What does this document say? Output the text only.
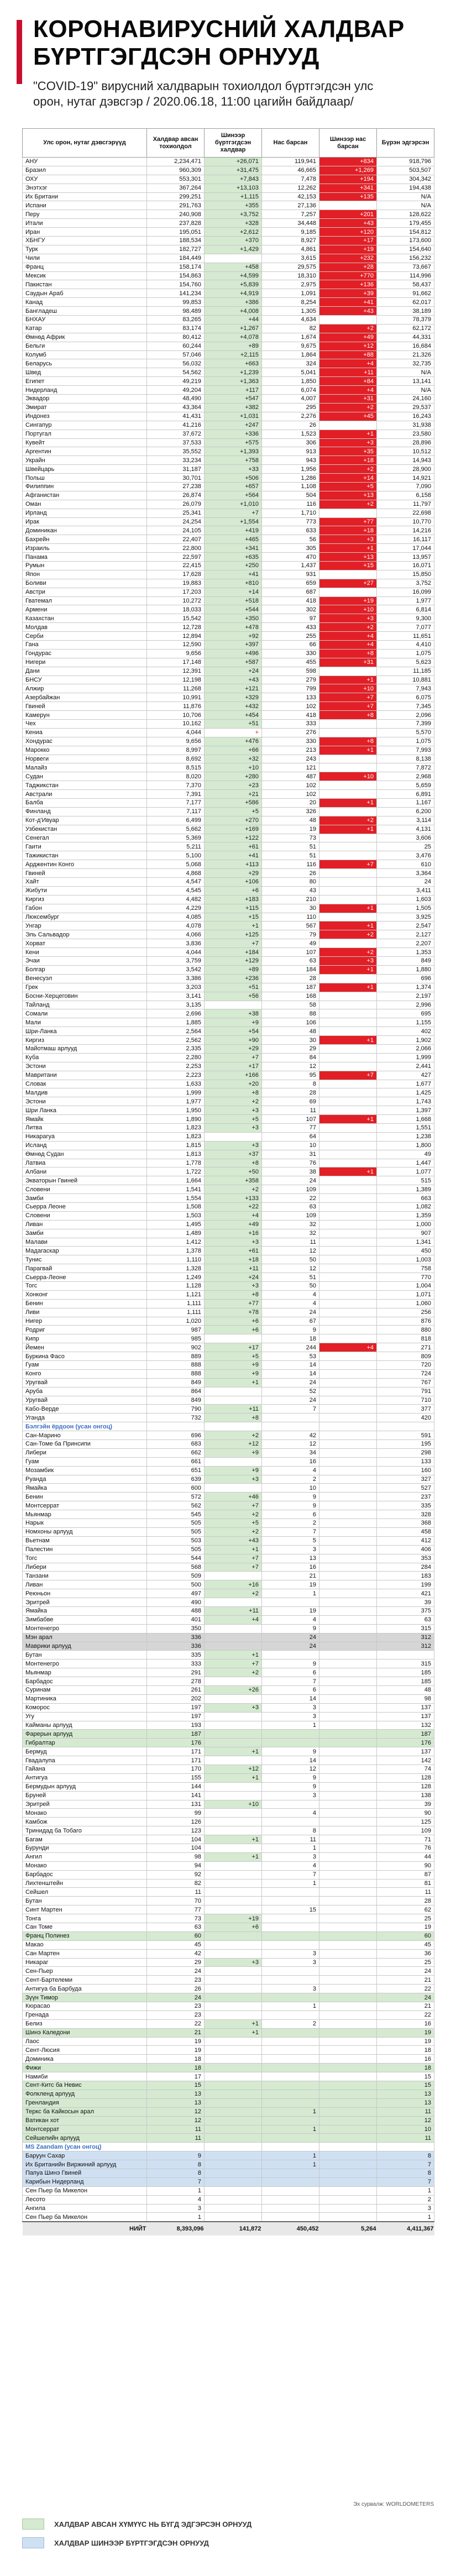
КОРОНАВИРУСНИЙ ХАЛДВАР
БҮРТГЭГДСЭН ОРНУУД
"COVID-19" вирусний халдварын тохиолдол бүртгэгдсэн улс
орон, нутаг дэвсгэр / 2020.06.18, 11:00 цагийн байдлаар/
Улс орон, нутаг дэвсгэрүүд	Халдвар авсан тохиолдол	Шинээр бүртгэгдсэн халдвар	Нас барсан	Шинээр нас барсан	Бүрэн эдгэрсэн
АНУ	2,234,471	+26,071	119,941	+834	918,796
Бразил	960,309	+31,475	46,665	+1,269	503,507
ОХУ	553,301	+7,843	7,478	+194	304,342
Энэтхэг	367,264	+13,103	12,262	+341	194,438
Их Британи	299,251	+1,115	42,153	+135	N/A
Испани	291,763	+355	27,136		N/A
Перу	240,908	+3,752	7,257	+201	128,622
Итали	237,828	+328	34,448	+43	179,455
Иран	195,051	+2,612	9,185	+120	154,812
ХБНГУ	188,534	+370	8,927	+17	173,600
Турк	182,727	+1,429	4,861	+19	154,640
Чили	184,449		3,615	+232	156,232
Франц	158,174	+458	29,575	+28	73,667
Мексик	154,863	+4,599	18,310	+770	114,996
Пакистан	154,760	+5,839	2,975	+136	58,437
Саудын Араб	141,234	+4,919	1,091	+39	91,662
Канад	99,853	+386	8,254	+41	62,017
Бангладеш	98,489	+4,008	1,305	+43	38,189
БНХАУ	83,265	+44	4,634		78,379
Катар	83,174	+1,267	82	+2	62,172
Өмнөд Африк	80,412	+4,078	1,674	+49	44,331
Бельги	60,244	+89	9,675	+12	16,684
Колумб	57,046	+2,115	1,864	+88	21,326
Беларусь	56,032	+663	324	+4	32,735
Швед	54,562	+1,239	5,041	+11	N/A
Египет	49,219	+1,363	1,850	+84	13,141
Нидерланд	49,204	+117	6,074	+4	N/A
Эквадор	48,490	+547	4,007	+31	24,160
Эмират	43,364	+382	295	+2	29,537
Индонез	41,431	+1,031	2,276	+45	16,243
Сингапур	41,216	+247	26		31,938
Португал	37,672	+336	1,523	+1	23,580
Кувейт	37,533	+575	306	+3	28,896
Аргентин	35,552	+1,393	913	+35	10,512
Украйн	33,234	+758	943	+18	14,943
Швейцарь	31,187	+33	1,956	+2	28,900
Польш	30,701	+506	1,286	+14	14,921
Филиппин	27,238	+657	1,108	+5	7,090
Афганистан	26,874	+564	504	+13	6,158
Оман	26,079	+1,010	116	+2	11,797
Ирланд	25,341	+7	1,710		22,698
Ирак	24,254	+1,554	773	+77	10,770
Доминикан	24,105	+419	633	+18	14,216
Бахрейн	22,407	+465	56	+3	16,117
Израиль	22,800	+341	305	+1	17,044
Панама	22,597	+635	470	+13	13,957
Румын	22,415	+250	1,437	+15	16,071
Япон	17,628	+41	931		15,850
Боливи	19,883	+810	659	+27	3,752
Австри	17,203	+14	687		16,099
Гватемал	10,272	+518	418	+19	1,977
Армени	18,033	+544	302	+10	6,814
Казахстан	15,542	+350	97	+3	9,300
Молдав	12,728	+478	433	+2	7,077
Серби	12,894	+92	255	+4	11,651
Гана	12,590	+397	66	+4	4,410
Гондурас	9,656	+496	330	+8	1,075
Нигери	17,148	+587	455	+31	5,623
Дани	12,391	+24	598		11,185
БНСУ	12,198	+43	279	+1	10,881
Алжир	11,268	+121	799	+10	7,943
Азербайжан	10,991	+329	133	+7	6,075
Гвиней	11,876	+432	102	+7	7,345
Камерун	10,706	+454	418	+8	2,096
Чех	10,162	+51	333		7,399
Кениа	4,044	+	276		5,570
Хондурас	9,656	+476	330	+8	1,075
Марокко	8,997	+66	213	+1	7,993
Норвеги	8,692	+32	243		8,138
Малайз	8,515	+10	121		7,872
Судан	8,020	+280	487	+10	2,968
Таджикстан	7,370	+23	102		5,659
Австрали	7,391	+21	102		6,891
Балба	7,177	+586	20	+1	1,167
Финланд	7,117	+5	326		6,200
Кот-д'Ивуар	6,499	+270	48	+2	3,114
Узбекистан	5,662	+169	19	+1	4,131
Сенегал	5,369	+122	73		3,606
Гаити	5,211	+61	51		25
Тажикистан	5,100	+41	51		3,476
Арджентин Конго	5,068	+113	116	+7	610
Гвиней	4,868	+29	26		3,364
Хайт	4,547	+106	80		24
Жибути	4,545	+6	43		3,411
Киргиз	4,482	+183	210		1,603
Габон	4,229	+115	30	+1	1,505
Люксембург	4,085	+15	110		3,925
Унгар	4,078	+1	567	+1	2,547
Эль Сальвадор	4,066	+125	79	+2	2,127
Хорват	3,836	+7	49		2,207
Кени	4,044	+184	107	+2	1,353
Эчаи	3,759	+129	63	+3	849
Болгар	3,542	+89	184	+1	1,880
Венесуэл	3,386	+236	28		696
Грек	3,203	+51	187	+1	1,374
Босни-Херцеговин	3,141	+56	168		2,197
Тайланд	3,135		58		2,996
Сомали	2,696	+38	88		695
Мали	1,885	+9	106		1,155
Шри-Ланка	2,564	+54	48		402
Киргиз	2,562	+90	30	+1	1,902
Майотмаш арлууд	2,335	+29	29		2,066
Куба	2,280	+7	84		1,999
Эстони	2,253	+17	12		2,441
Мавритани	2,223	+166	95	+7	427
Словак	1,633	+20	8		1,677
Малдив	1,999	+8	28		1,425
Эстони	1,977	+2	69		1,743
Шри Ланка	1,950	+3	11		1,397
Ямайк	1,890	+5	107	+1	1,668
Литва	1,823	+3	77		1,551
Никарагуа	1,823		64		1,238
Исланд	1,815	+3	10		1,800
Өмнөд Судан	1,813	+37	31		49
Латвиа	1,778	+8	76		1,447
Албани	1,722	+50	38	+1	1,077
Экваторын Гвиней	1,664	+358	24		515
Словени	1,541	+2	109		1,389
Замби	1,554	+133	22		663
Сьерра Леоне	1,508	+22	63		1,082
Словени	1,503	+4	109		1,359
Ливан	1,495	+49	32		1,000
Замби	1,489	+16	32		907
Малави	1,412	+3	11		1,341
Мадагаскар	1,378	+61	12		450
Тунис	1,110	+18	50		1,003
Парагвай	1,328	+11	12		758
Сьерра-Леоне	1,249	+24	51		770
Тогс	1,128	+3	50		1,004
Хонконг	1,121	+8	4		1,071
Бенин	1,111	+77	4		1,060
Ливи	1,111	+78	24		256
Нигер	1,020	+6	67		876
Родриг	987	+6	9		880
Кипр	985		18		818
Йемен	902	+17	244	+4	271
Буркина Фасо	889	+5	53		809
Гуам	888	+9	14		720
Конго	888	+9	14		724
Уругвай	849	+1	24		767
Аруба	864		52		791
Уругвай	849		24		710
Кабо-Верде	790	+11	7		377
Уганда	732	+8			420
Бэлгэйн ёрдоон (усан онгоц)					
Сан-Марино	696	+2	42		591
Сан-Томе ба Принсипи	683	+12	12		195
Либери	662	+9	34		298
Гуам	661		16		133
Мозамбик	651	+9	4		160
Руанда	639	+3	2		327
Ямайка	600		10		527
Бенин	572	+46	9		237
Монтсеррат	562	+7	9		335
Мьянмар	545	+2	6		328
Нарык	505	+5	2		368
Номхоны арлууд	505	+2	7		458
Вьетнам	503	+43	5		412
Палестин	505	+1	3		406
Тогс	544	+7	13		353
Либери	568	+7	16		284
Танзани	509		21		183
Ливан	500	+16	19		199
Реюньон	497	+2	1		421
Эритрей	490				39
Ямайка	488	+11	19		375
Зимбабве	401	+4	4		63
Монтенегро	350		9		315
Мэн арал	336		24		312
Маврики арлууд	336		24		312
Бутан	335	+1			
Монтенегро	333	+7	9		315
Мьянмар	291	+2	6		185
Барбадос	278		7		185
Суринам	261	+26	6		48
Мартиника	202		14		98
Коморос	197	+3	3		137
Угу	197		3		137
Кайманы арлууд	193		1		132
Фарерын арлууд	187				187
Гибралтар	176				176
Бермуд	171	+1	9		137
Гвадалупа	171		14		142
Гайана	170	+12	12		74
Антигуа	155	+1	9		128
Бермудын арлууд	144		9		128
Бруней	141		3		138
Эритрей	131	+10			39
Монако	99		4		90
Камбож	126				125
Тринидад ба Тобаго	123		8		109
Багам	104	+1	11		71
Бурунди	104		1		76
Ангил	98	+1	3		44
Монако	94		4		90
Барбадос	92		7		87
Лихтенштейн	82		1		81
Сейшел	11				11
Бутан	70				28
Синт Мартен	77		15		62
Тонга	73	+19			25
Сан Томе	63	+6			19
Франц Полинез	60				60
Макао	45				45
Сан Мартен	42		3		36
Никараг	29	+3	3		25
Сен-Пьер	24				24
Сент-Бартелеми	23				21
Антигуа ба Барбуда	26		3		22
Зүүн Тимор	24				24
Кюрасао	23		1		21
Гренада	23				22
Белиз	22	+1	2		16
Шинэ Каледони	21	+1			19
Лаос	19				19
Сент-Люсия	19				18
Доминика	18				16
Фижи	18				18
Намиби	17				15
Сент-Китс ба Невис	15				15
Фолкленд арлууд	13				13
Гренландия	13				13
Теркс ба Кайкосын арал	12		1		11
Ватикан хот	12				12
Монтсеррат	11		1		10
Сейшелийн арлууд	11				11
MS Zaandam (усан онгоц)					
Баруун Сахар	9		1		8
Их Британийн Виржиний арлууд	8		1		7
Папуа Шинэ Гвиней	8				8
Карибын Нидерланд	7				7
Сен Пьер ба Микелон	1				1
Лесото	4				2
Ангила	3				3
Сен Пьер ба Микелон	1				1
НИЙТ	8,393,096	141,872	450,452	5,264	4,411,367
Эх сурвалж: WORLDOMETERS
ХАЛДВАР АВСАН ХҮМҮҮС НЬ БҮГД ЭДГЭРСЭН ОРНУУД
ХАЛДВАР ШИНЭЭР БҮРТГЭГДСЭН ОРНУУД
